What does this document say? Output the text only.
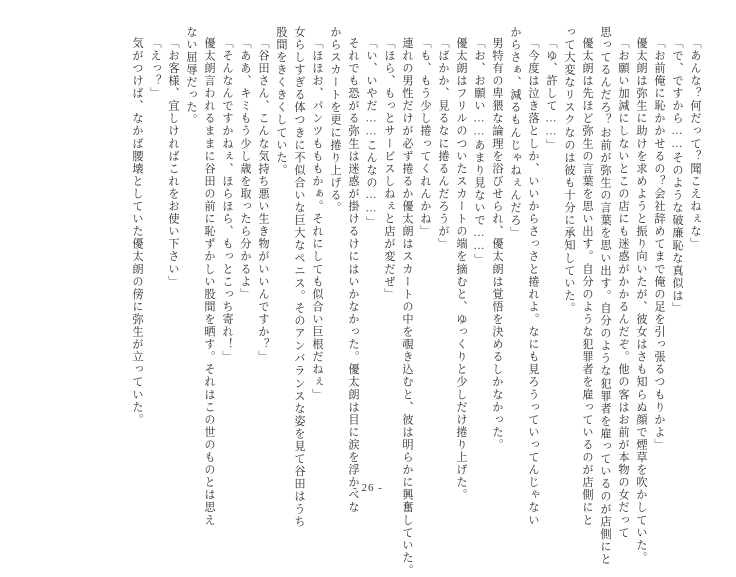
「あんな？何だって？聞こえねぇな」
「で、ですから……そのような破廉恥な真似は」
「お前俺に恥かかせるの？会社辞めてまで俺の足を引っ張るつもりかよ」
優太朗は弥生に助けを求めようと振り向いたが、彼女はさも知らぬ顔で煙草を吹かしていた。
「お願い加減にしないとこの店にも迷惑がかかるんだぞ。他の客はお前が本物の女だって
思ってるんだろ？お前が弥生の言葉を思い出す。自分のような犯罪者を雇っているのが店側にと
優太朗は先ほど弥生の言葉を思い出す。自分のような犯罪者を雇っているのが店側にと
って大変なリスクなのは彼も十分に承知していた。
「ゆ、許して……」
「今度は泣き落としか、いいからさっさと捲れよ。なにも見ろうっていってんじゃない
からさぁ、減るもんじゃねぇんだろ」
男特有の卑猥な論理を浴びせられ、優太朗は覚悟を決めるしかなかった。
「お、お願い……あまり見ないで……」
優太朗はフリルのついたスカートの端を摘むと、ゆっくりと少しだけ捲り上げた。
「ばかか、見るなに捲るんだろうが」
「も、もう少し捲ってくれんかね」
連れの男性だけが必ず捲るか優太朗はスカートの中を覗き込むと、彼は明らかに興奮していた。
「ほら、もっとサービスしねぇと店が変だぜ」
「い、いやだ……こんなの……」
それでも恐がる弥生は迷惑が掛けるけにはいかなかった。優太朗は目に涙を浮かべな
からスカートを更に捲り上げる。
「ほほお、パンツもももかぁ。それにしても似合い巨根だねぇ」
女らしすぎる体つきに不似合いな巨大なペニス。そのアンバランスな姿を見て谷田はうち
股間をきくきくしていた。
「谷田さん、こんな気持ち悪い生き物がいいんですか？」
「ああ、キミもう少し歳を取ったら分かるよ」
「そんなんですかねぇ、ほらほら、もっとこっち寄れ！」
優太朗言われるままに谷田の前に恥ずかしい股間を晒す。それはこの世のものとは思え
ない屈辱だった。
「お客様、宜しければこれをお使い下さい」
「えっ？」
気がつけば、なかば腰壊としていた優太朗の傍に弥生が立っていた。
- 26 -
